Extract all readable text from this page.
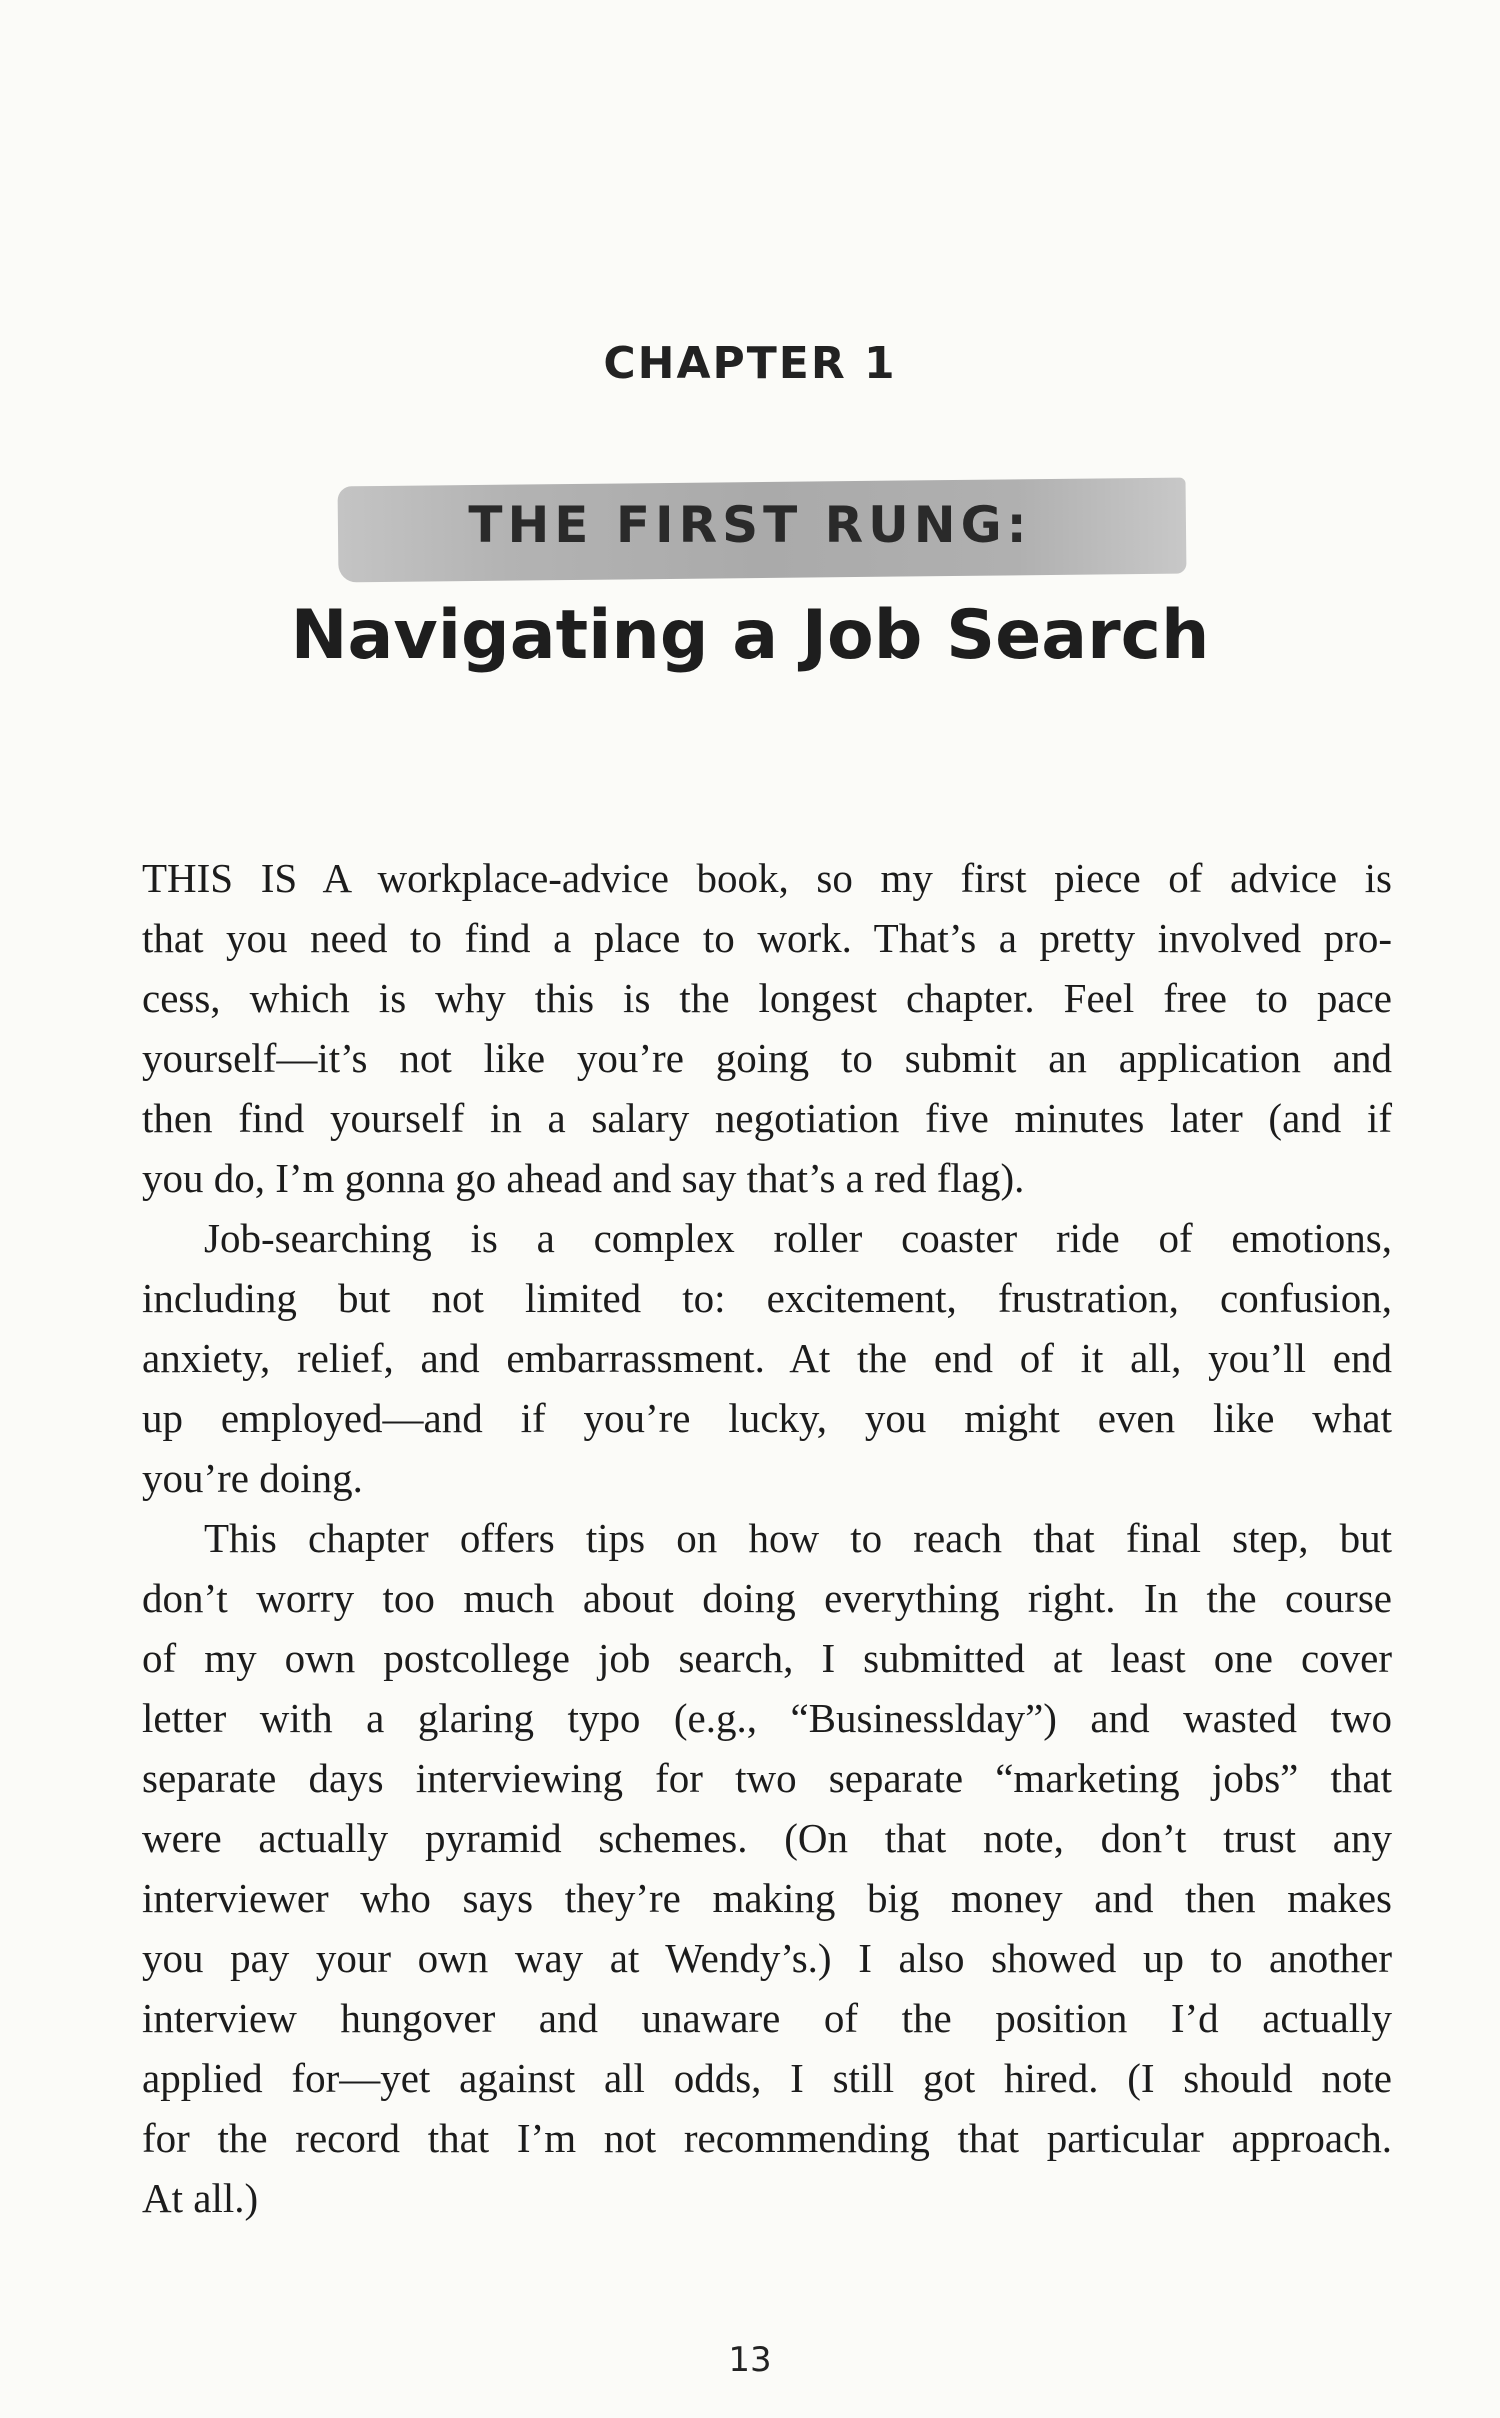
CHAPTER 1
THE FIRST RUNG:
Navigating a Job Search
THIS IS A workplace-advice book, so my first piece of advice is
that you need to find a place to work. That’s a pretty involved pro-
cess, which is why this is the longest chapter. Feel free to pace
yourself—it’s not like you’re going to submit an application and
then find yourself in a salary negotiation five minutes later (and if
you do, I’m gonna go ahead and say that’s a red flag).
Job-searching is a complex roller coaster ride of emotions,
including but not limited to: excitement, frustration, confusion,
anxiety, relief, and embarrassment. At the end of it all, you’ll end
up employed—and if you’re lucky, you might even like what
you’re doing.
This chapter offers tips on how to reach that final step, but
don’t worry too much about doing everything right. In the course
of my own postcollege job search, I submitted at least one cover
letter with a glaring typo (e.g., “Businesslday”) and wasted two
separate days interviewing for two separate “marketing jobs” that
were actually pyramid schemes. (On that note, don’t trust any
interviewer who says they’re making big money and then makes
you pay your own way at Wendy’s.) I also showed up to another
interview hungover and unaware of the position I’d actually
applied for—yet against all odds, I still got hired. (I should note
for the record that I’m not recommending that particular approach.
At all.)
13
